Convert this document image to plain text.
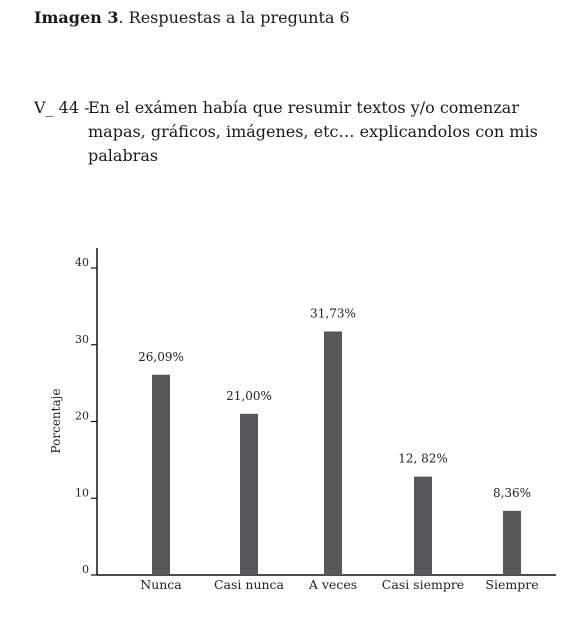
Imagen 3. Respuestas a la pregunta 6
V_ 44 -
En el exámen había que resumir textos y/o comenzar mapas, gráficos, imágenes, etc… explicandolos con mis palabras
0
10
20
30
40
Nunca	Casi nunca A veces Casi siempre Siempre
26,09%
21,00%
31,73%
12, 82%
8,36%
Porcentaje
